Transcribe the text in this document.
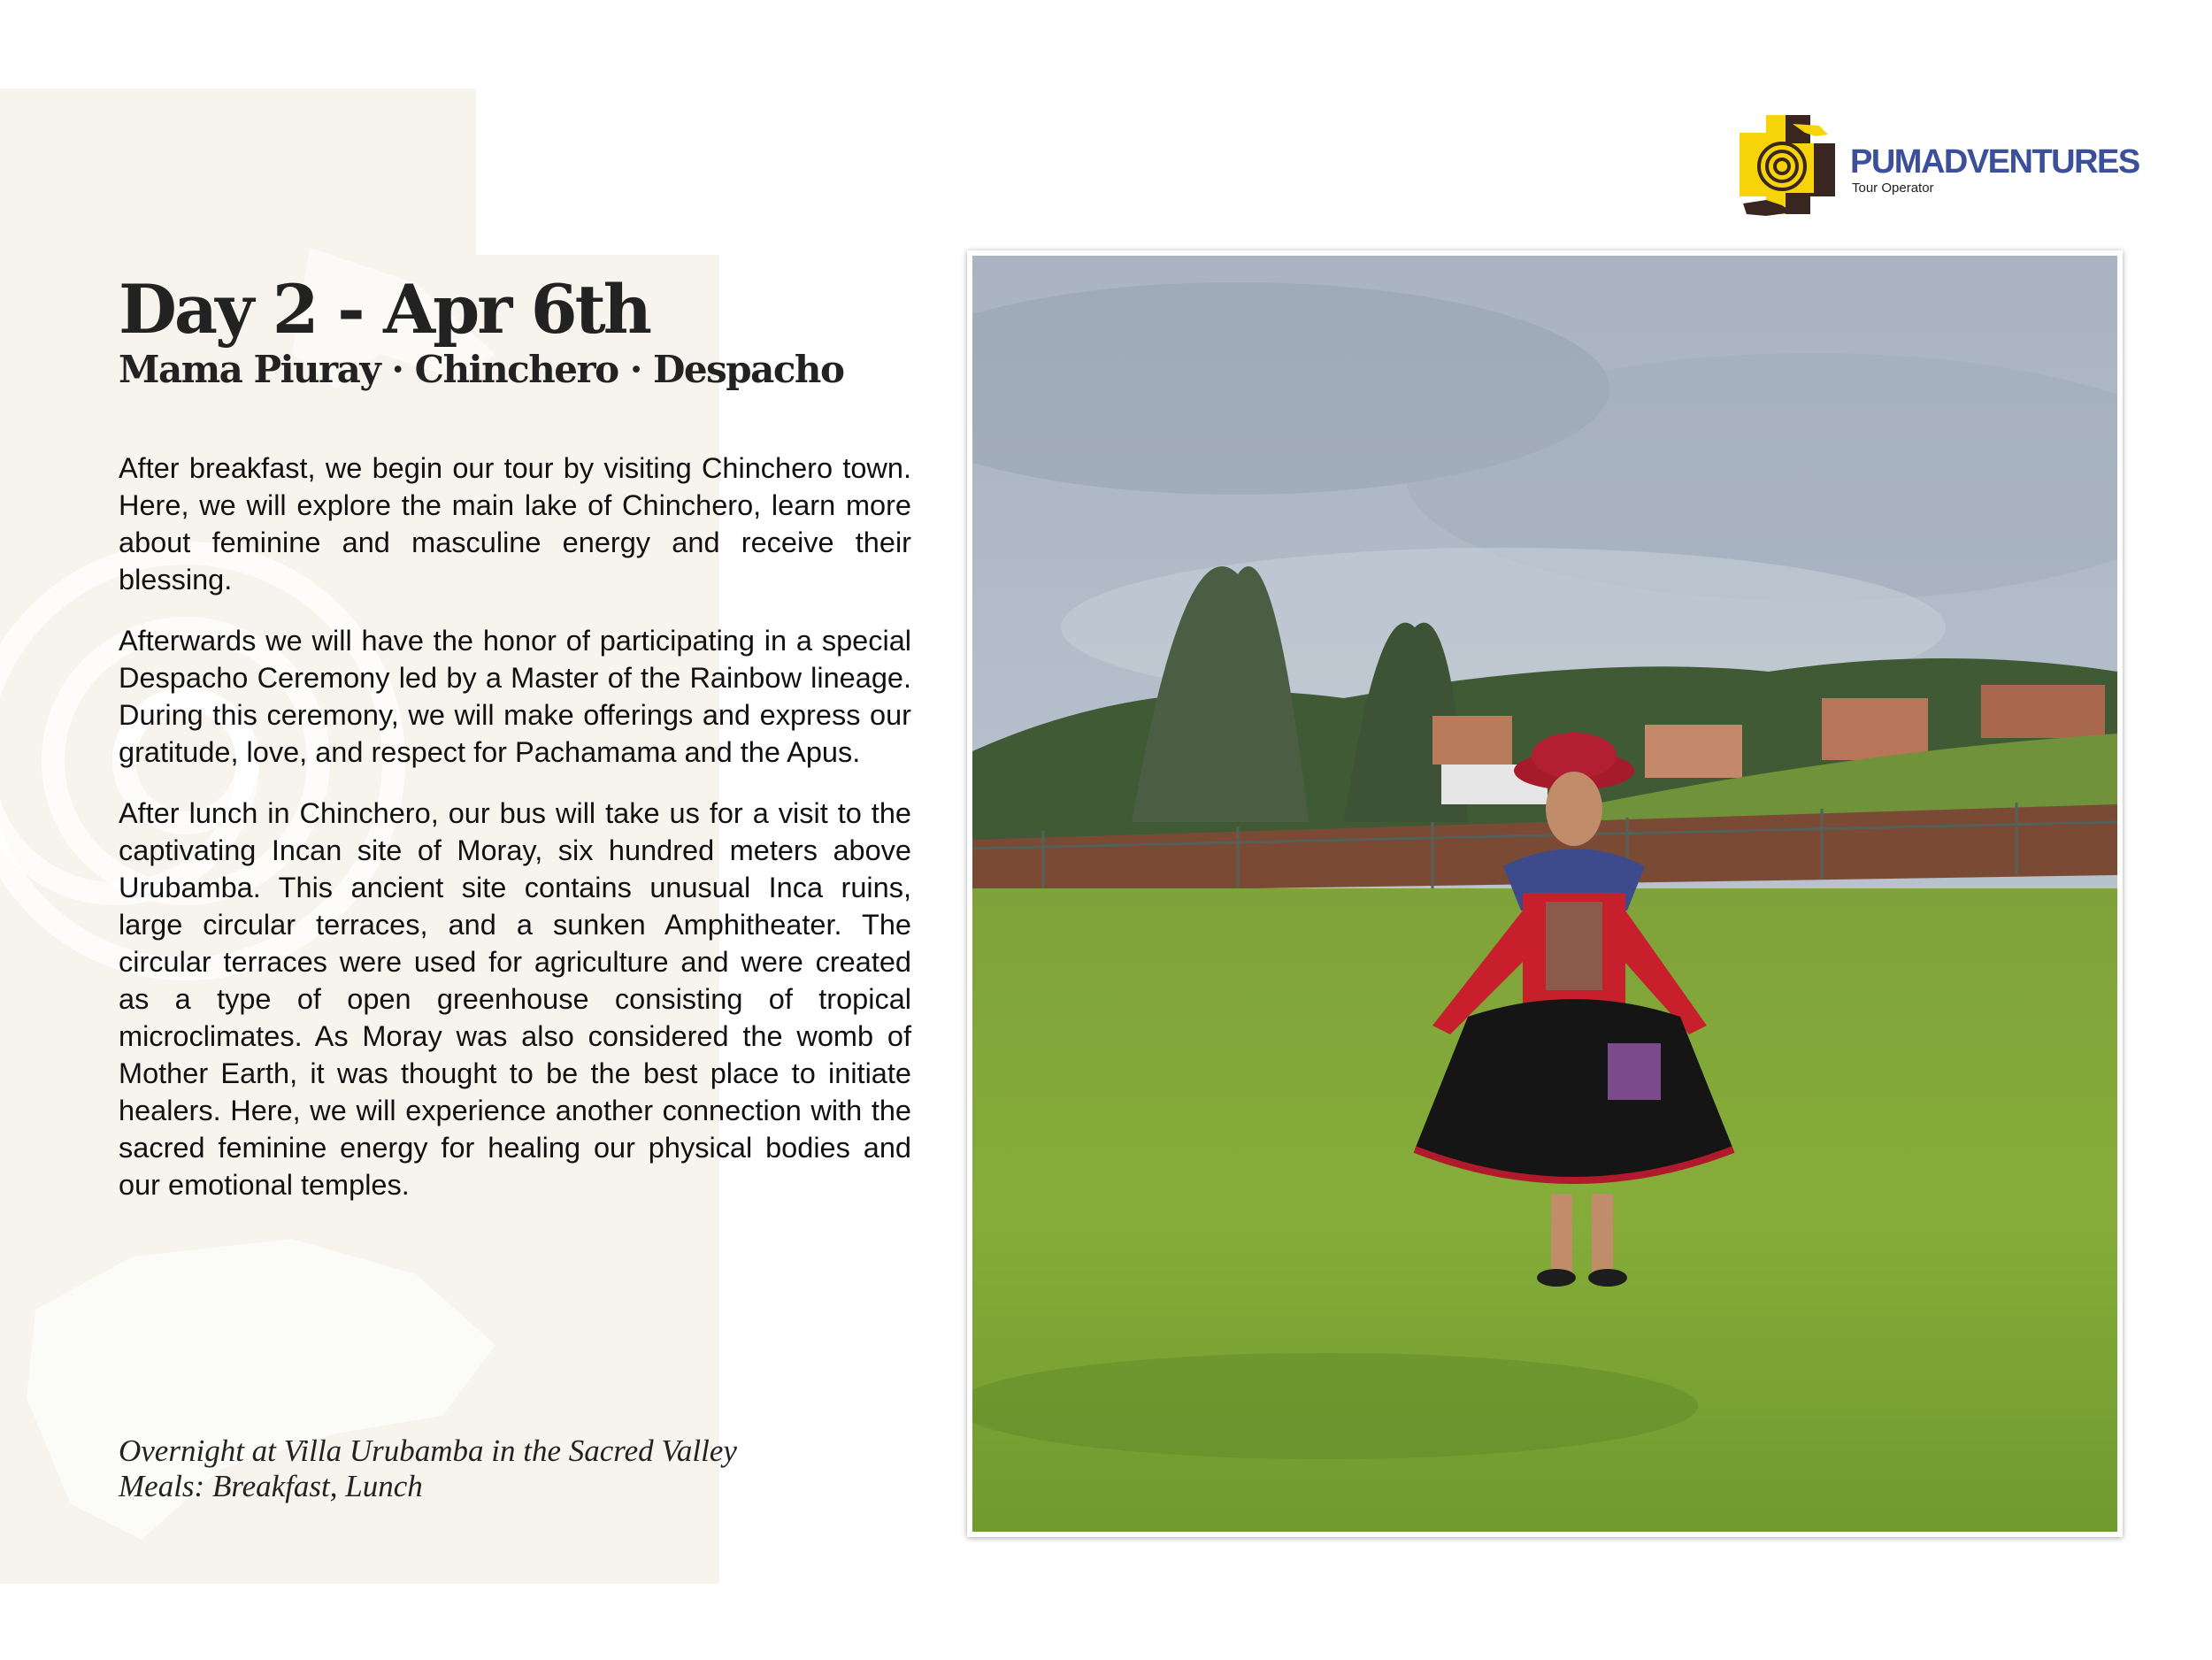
Day 2 - Apr 6th
Mama Piuray · Chinchero · Despacho

After breakfast, we begin our tour by visiting Chinchero town. Here, we will explore the main lake of Chinchero, learn more about feminine and masculine energy and receive their blessing.

Afterwards we will have the honor of participating in a special Despacho Ceremony led by a Master of the Rainbow lineage. During this ceremony, we will make offerings and express our gratitude, love, and respect for Pachamama and the Apus.

After lunch in Chinchero, our bus will take us for a visit to the captivating Incan site of Moray, six hundred meters above Urubamba. This ancient site contains unusual Inca ruins, large circular terraces, and a sunken Amphitheater. The circular terraces were used for agriculture and were created as a type of open greenhouse consisting of tropical microclimates. As Moray was also considered the womb of Mother Earth, it was thought to be the best place to initiate healers. Here, we will experience another connection with the sacred feminine energy for healing our physical bodies and our emotional temples.

Overnight at Villa Urubamba in the Sacred Valley
Meals: Breakfast, Lunch
PUMADVENTURES
Tour Operator
